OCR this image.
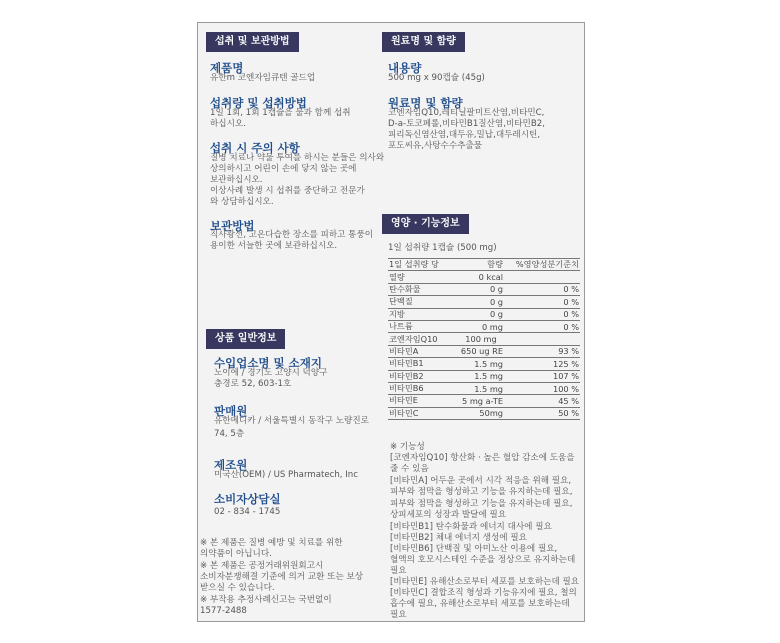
섭취 및 보관방법
제품명
유한m 코엔자임큐텐 골드업
섭취량 및 섭취방법
1일 1회, 1회 1캡슐을 물과 함께 섭취
하십시오.
섭취 시 주의 사항
질병 치료나 약물 투여를 하시는 분들은 의사와
상의하시고 어린이 손에 닿지 않는 곳에
보관하십시오.
이상사례 발생 시 섭취를 중단하고 전문가
와 상담하십시오.
보관방법
직사광선, 고온다습한 장소를 피하고 통풍이
용이한 서늘한 곳에 보관하십시오.
상품 일반정보
수입업소명 및 소재지
노이에 / 경기도 고양시 덕양구
충경로 52, 603-1호
판매원
유한메디카 / 서울특별시 동작구 노량진로
74, 5층
제조원
미국산(OEM) / US Pharmatech, Inc
소비자상담실
02 - 834 - 1745
※ 본 제품은 질병 예방 및 치료를 위한
의약품이 아닙니다.
※ 본 제품은 공정거래위원회고시
소비자분쟁해결 기준에 의거 교환 또는 보상
받으실 수 있습니다.
※ 부작용 추정사례신고는 국번없이
1577-2488
원료명 및 함량
내용량
500 mg x 90캡슐 (45g)
원료명 및 함량
코엔자임Q10,레티닐팔미트산염,비타민C,
D-a-토코페롤,비타민B1질산염,비타민B2,
피리독신염산염,대두유,밀납,대두레시틴,
포도씨유,사탕수수추출물
영양 · 기능정보
1일 섭취량 1캡슐 (500 mg)
1일 섭취량 당	함량	%영양성분기준치
열량	0 kcal	
탄수화물	0 g	0 %
단백질	0 g	0 %
지방	0 g	0 %
나트륨	0 mg	0 %
코엔자임Q10	100 mg	
비타민A	650 ug RE	93 %
비타민B1	1.5 mg	125 %
비타민B2	1.5 mg	107 %
비타민B6	1.5 mg	100 %
비타민E	5 mg a-TE	45 %
비타민C	50mg	50 %
※ 기능성
[코엔자임Q10] 항산화 · 높은 혈압 감소에 도움을
줄 수 있음
[비타민A] 어두운 곳에서 시각 적응을 위해 필요,
피부와 점막을 형성하고 기능을 유지하는데 필요,
피부와 점막을 형성하고 기능을 유지하는데 필요,
상피세포의 성장과 발달에 필요
[비타민B1] 탄수화물과 에너지 대사에 필요
[비타민B2] 체내 에너지 생성에 필요
[비타민B6] 단백질 및 아미노산 이용에 필요,
혈액의 호모시스테인 수준을 정상으로 유지하는데
필요
[비타민E] 유해산소로부터 세포를 보호하는데 필요
[비타민C] 결합조직 형성과 기능유지에 필요, 철의
흡수에 필요, 유해산소로부터 세포를 보호하는데
필요
